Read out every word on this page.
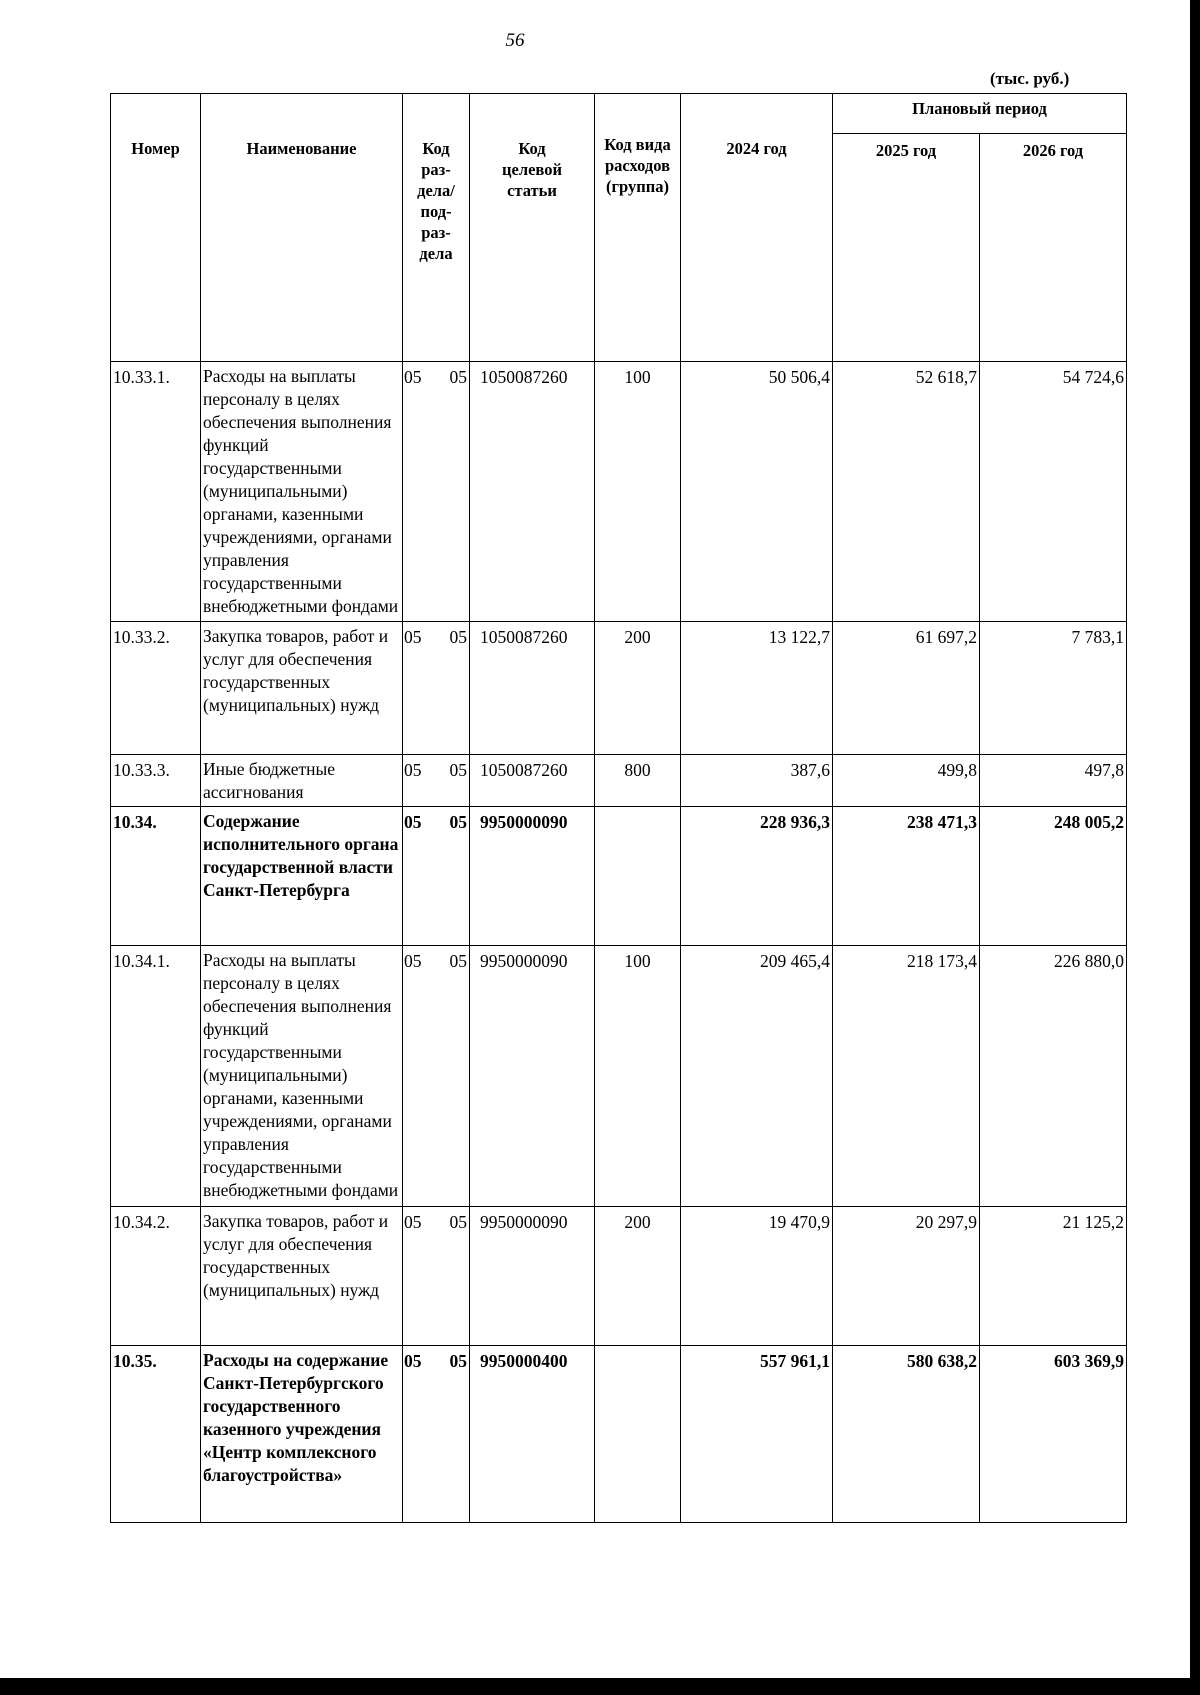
56
(тыс. руб.)
Номер	Наименование	Код раз- дела/ под- раз- дела	Код целевой статьи	Код вида расходов (группа)	2024 год	Плановый период	
						2025 год	2026 год
10.33.1.	Расходы на выплаты персоналу в целях обеспечения выполнения функций государственными (муниципальными) органами, казенными учреждениями, органами управления государственными внебюджетными фондами	05 05	1050087260	100	50 506,4	52 618,7	54 724,6
10.33.2.	Закупка товаров, работ и услуг для обеспечения государственных (муниципальных) нужд	05 05	1050087260	200	13 122,7	61 697,2	7 783,1
10.33.3.	Иные бюджетные ассигнования	05 05	1050087260	800	387,6	499,8	497,8
10.34.	Содержание исполнительного органа государственной власти Санкт-Петербурга	05 05	9950000090		228 936,3	238 471,3	248 005,2
10.34.1.	Расходы на выплаты персоналу в целях обеспечения выполнения функций государственными (муниципальными) органами, казенными учреждениями, органами управления государственными внебюджетными фондами	05 05	9950000090	100	209 465,4	218 173,4	226 880,0
10.34.2.	Закупка товаров, работ и услуг для обеспечения государственных (муниципальных) нужд	05 05	9950000090	200	19 470,9	20 297,9	21 125,2
10.35.	Расходы на содержание Санкт-Петербургского государственного казенного учреждения «Центр комплексного благоустройства»	05 05	9950000400		557 961,1	580 638,2	603 369,9
